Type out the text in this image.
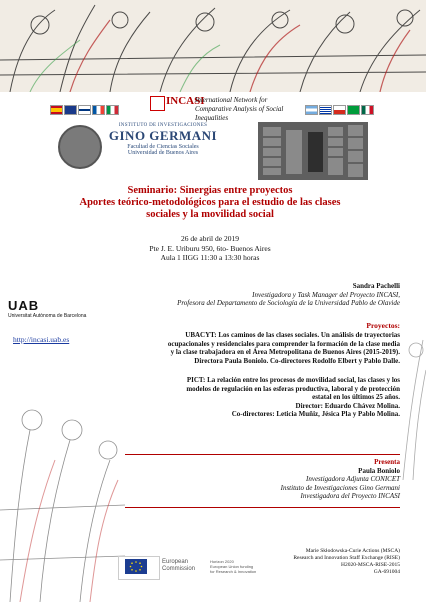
INCASI
International Network for
Comparative Analysis of Social Inequalities
INSTITUTO DE INVESTIGACIONES
GINO GERMANI
Facultad de Ciencias Sociales
Universidad de Buenos Aires
Seminario: Sinergias entre proyectos
Aportes teórico-metodológicos para el estudio de las clases
sociales y la movilidad social
26 de abril de 2019
Pte J. E. Uriburu 950, 6to- Buenos Aires
Aula 1 IIGG 11:30 a 13:30 horas
UAB
Universitat Autònoma de Barcelona
http://incasi.uab.es
Sandra Pachelli
Investigadora y Task Manager del Proyecto INCASI,
Profesora del Departamento de Sociología de la Universidad Pablo de Olavide
Proyectos:
UBACYT: Los caminos de las clases sociales. Un análisis de trayectorias
ocupacionales y residenciales para comprender la formación de la clase media
y la clase trabajadora en el Área Metropolitana de Buenos Aires (2015-2019).
Directora Paula Boniolo. Co-directores Rodolfo Elbert y Pablo Dalle.
PICT: La relación entre los procesos de movilidad social, las clases y los
modelos de regulación en las esferas productiva, laboral y de protección
estatal en los últimos 25 años.
Director: Eduardo Chávez Molina.
Co-directores: Leticia Muñiz, Jésica Pla y Pablo Molina.
Presenta
Paula Boniolo
Investigadora Adjunta CONICET
Instituto de Investigaciones Gino Germani
Investigadora del Proyecto INCASI
European
Commission
Horizon 2020
European Union funding
for Research & Innovation
Marie Skłodowska-Curie Actions (MSCA)
Research and Innovation Staff Exchange (RISE)
H2020-MSCA-RISE-2015
GA-691004
